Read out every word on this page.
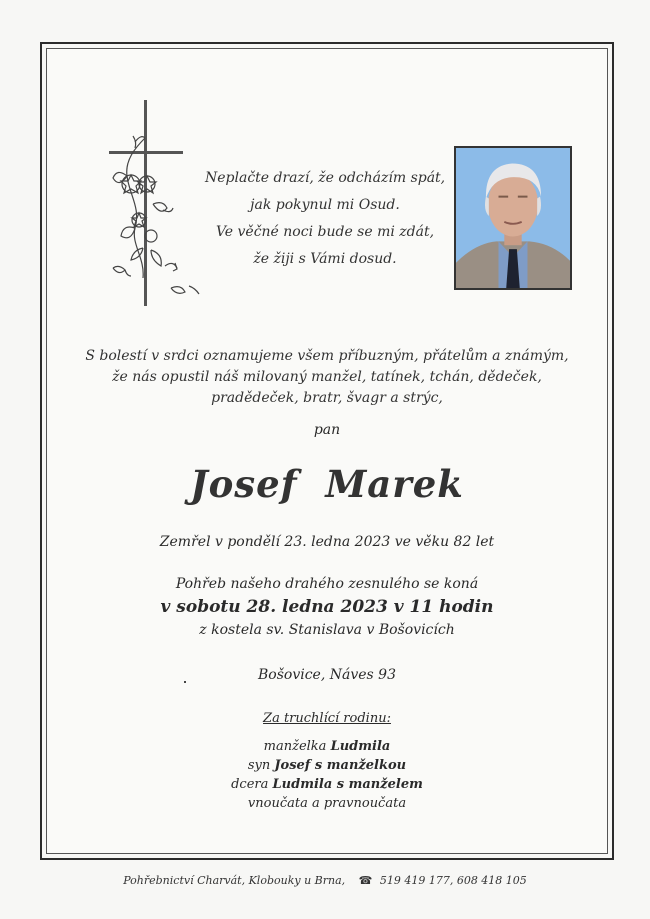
Neplačte drazí, že odcházím spát,
jak pokynul mi Osud.
Ve věčné noci bude se mi zdát,
že žiji s Vámi dosud.
S bolestí v srdci oznamujeme všem příbuzným, přátelům a známým,
že nás opustil náš milovaný manžel, tatínek, tchán, dědeček,
pradědeček, bratr, švagr a strýc,
pan
Josef  Marek
Zemřel v pondělí 23. ledna 2023 ve věku 82 let
Pohřeb našeho drahého zesnulého se koná
v sobotu 28. ledna 2023 v 11 hodin
z kostela sv. Stanislava v Bošovicích
Bošovice, Náves 93
Za truchlící rodinu:
manželka Ludmila
syn Josef s manželkou
dcera Ludmila s manželem
vnoučata a pravnoučata
Pohřebnictví Charvát, Klobouky u Brna, ☎ 519 419 177, 608 418 105
